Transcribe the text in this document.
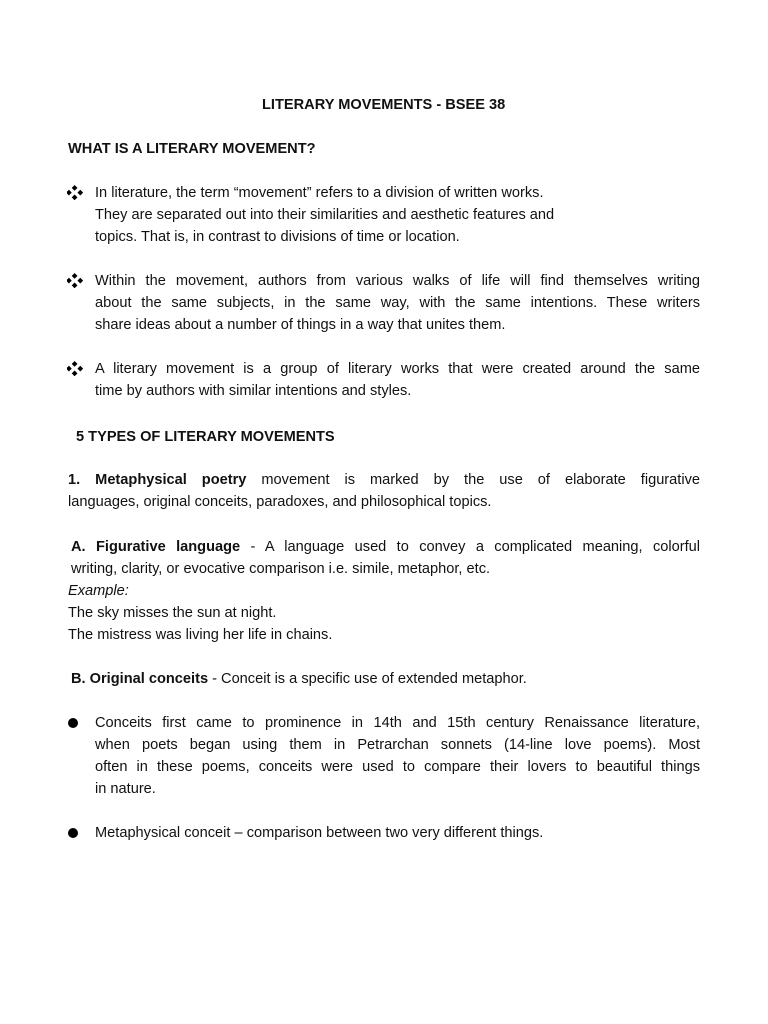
LITERARY MOVEMENTS - BSEE 38
WHAT IS A LITERARY MOVEMENT?
In literature, the term “movement” refers to a division of written works.
They are separated out into their similarities and aesthetic features and
topics. That is, in contrast to divisions of time or location.
Within the movement, authors from various walks of life will find themselves writing
about the same subjects, in the same way, with the same intentions. These writers
share ideas about a number of things in a way that unites them.
A literary movement is a group of literary works that were created around the same
time by authors with similar intentions and styles.
5 TYPES OF LITERARY MOVEMENTS
1. Metaphysical poetry movement is marked by the use of elaborate figurative
languages, original conceits, paradoxes, and philosophical topics.
A. Figurative language - A language used to convey a complicated meaning, colorful
writing, clarity, or evocative comparison i.e. simile, metaphor, etc.
Example:
The sky misses the sun at night.
The mistress was living her life in chains.
B. Original conceits - Conceit is a specific use of extended metaphor.
Conceits first came to prominence in 14th and 15th century Renaissance literature,
when poets began using them in Petrarchan sonnets (14-line love poems). Most
often in these poems, conceits were used to compare their lovers to beautiful things
in nature.
Metaphysical conceit – comparison between two very different things.
